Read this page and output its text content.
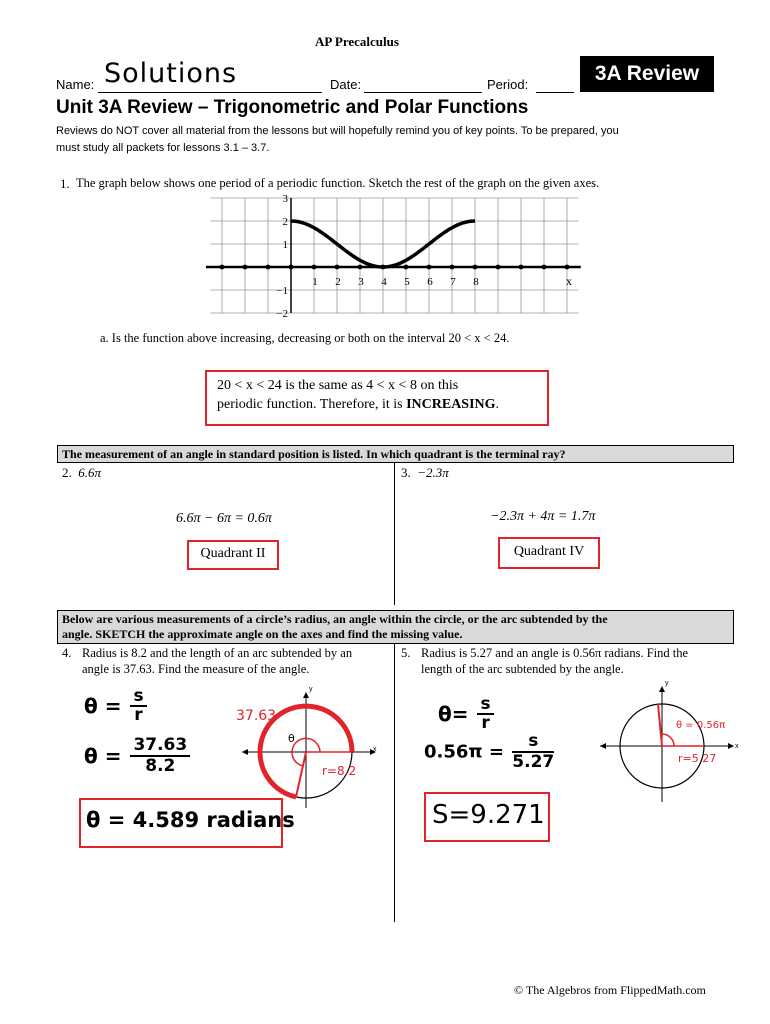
AP Precalculus
Name: Solutions	Date:	Period:	3A Review
Unit 3A Review – Trigonometric and Polar Functions
Reviews do NOT cover all material from the lessons but will hopefully remind you of key points. To be prepared, you
must study all packets for lessons 3.1 – 3.7.
1. The graph below shows one period of a periodic function. Sketch the rest of the graph on the given axes.
1 2 3 4 5 6 7 8
3
2
1
−1
−2
x
a. Is the function above increasing, decreasing or both on the interval 20 < x < 24.
20 < x < 24 is the same as 4 < x < 8 on this
periodic function. Therefore, it is INCREASING.
The measurement of an angle in standard position is listed. In which quadrant is the terminal ray?
2. 6.6π
6.6π − 6π = 0.6π
Quadrant II
3. −2.3π
−2.3π + 4π = 1.7π
Quadrant IV
Below are various measurements of a circle’s radius, an angle within the circle, or the arc subtended by the
angle. SKETCH the approximate angle on the axes and find the missing value.
4. Radius is 8.2 and the length of an arc subtended by an
angle is 37.63. Find the measure of the angle.
$\theta = \frac{s}{r}$
$\theta = \frac{37.63}{8.2}$
θ = 4.589 radians
x
y
θ
37.63
r=8.2
5. Radius is 5.27 and an angle is 0.56π radians. Find the
length of the arc subtended by the angle.
$\theta= \frac{s}{r}$
$0.56\pi = \frac{s}{5.27}$
S=9.271
x
y
θ = 0.56π
r=5.27
© The Algebros from FlippedMath.com
